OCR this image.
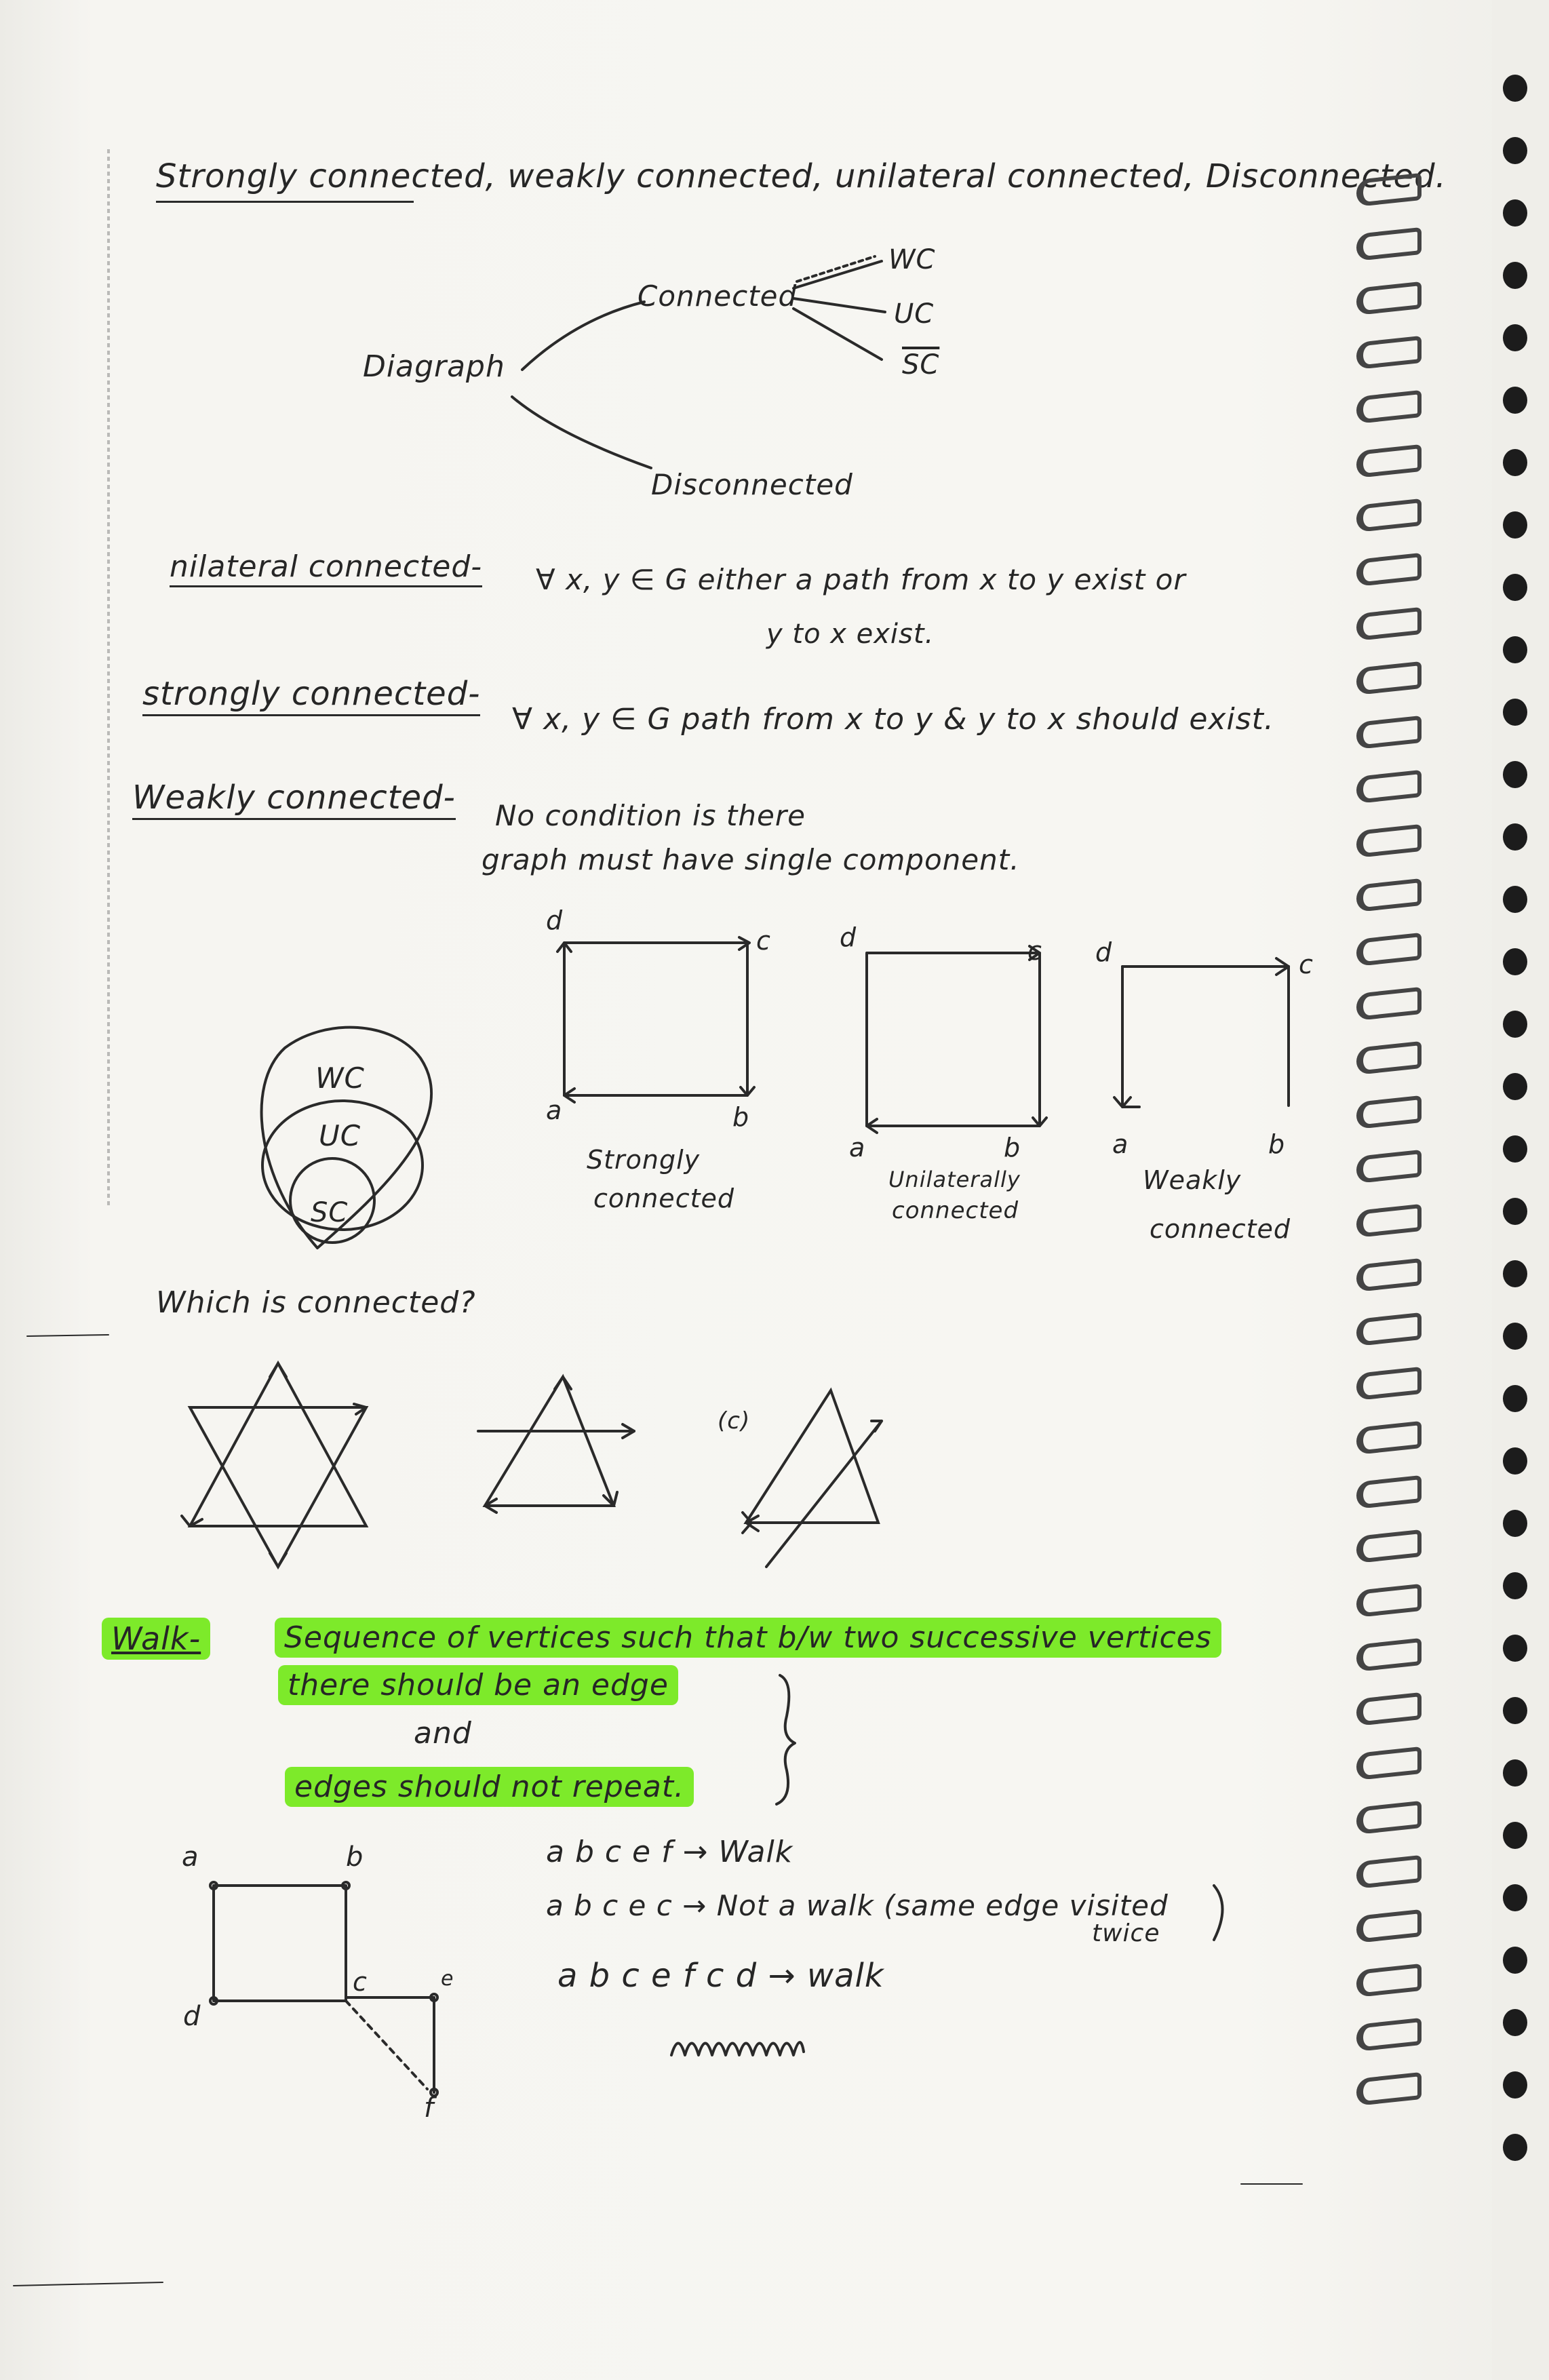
Strongly connected, weakly connected, unilateral connected, Disconnected.
Diagraph
Connected
Disconnected
WC
UC
$\overline{SC}$
nilateral connected- ∀ x, y ∈ G either a path from x to y exist or
y to x exist.
strongly connected-
∀ x, y ∈ G path from x to y & y to x should exist.
Weakly connected- No condition is there
graph must have single component.
WC
UC
SC
d
c
a	b
Strongly
connected
d	c
a	b
Unilaterally
connected
d	c
a	b
Weakly
connected
Which is connected?
(c)
Walk-	Sequence of vertices such that b/w two successive vertices
there should be an edge
and
edges should not repeat.
a	b
c
d
e
f
a b c e f → Walk
a b c e c → Not a walk (same edge visited
twice
a b c e f c d → walk
